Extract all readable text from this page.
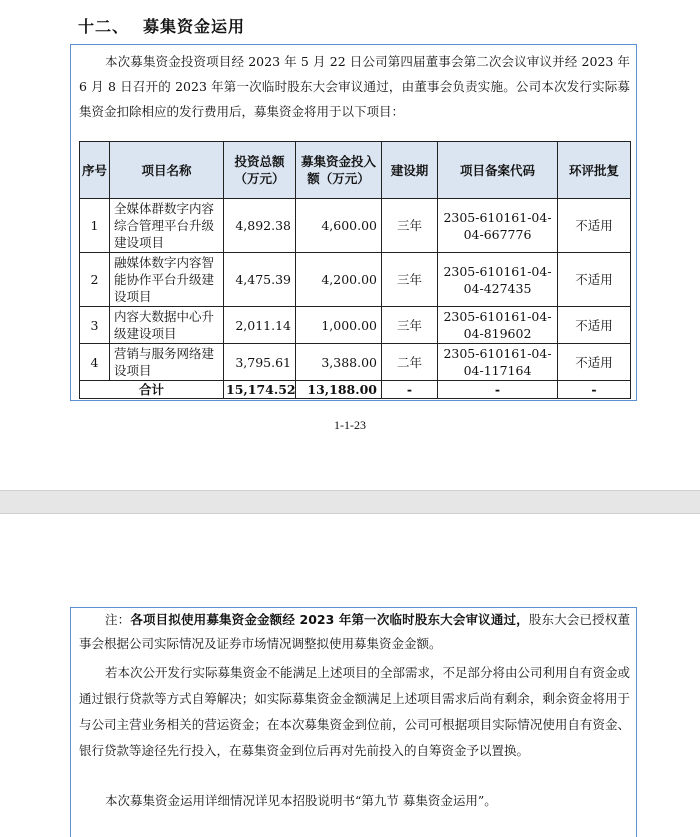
十二、 募集资金运用
本次募集资金投资项目经 2023 年 5 月 22 日公司第四届董事会第二次会议审议并经 2023 年 6 月 8 日召开的 2023 年第一次临时股东大会审议通过，由董事会负责实施。公司本次发行实际募集资金扣除相应的发行费用后，募集资金将用于以下项目：
序号	项目名称	投资总额（万元）	募集资金投入额（万元）	建设期	项目备案代码	环评批复
1	全媒体群数字内容综合管理平台升级建设项目	4,892.38	4,600.00	三年	2305-610161-04-04-667776	不适用
2	融媒体数字内容智能协作平台升级建设项目	4,475.39	4,200.00	三年	2305-610161-04-04-427435	不适用
3	内容大数据中心升级建设项目	2,011.14	1,000.00	三年	2305-610161-04-04-819602	不适用
4	营销与服务网络建设项目	3,795.61	3,388.00	二年	2305-610161-04-04-117164	不适用
合计		15,174.52	13,188.00	-	-	-
1-1-23
注：各项目拟使用募集资金金额经 2023 年第一次临时股东大会审议通过，股东大会已授权董事会根据公司实际情况及证券市场情况调整拟使用募集资金金额。
若本次公开发行实际募集资金不能满足上述项目的全部需求，不足部分将由公司利用自有资金或通过银行贷款等方式自筹解决；如实际募集资金金额满足上述项目需求后尚有剩余，剩余资金将用于与公司主营业务相关的营运资金；在本次募集资金到位前，公司可根据项目实际情况使用自有资金、银行贷款等途径先行投入，在募集资金到位后再对先前投入的自筹资金予以置换。
本次募集资金运用详细情况详见本招股说明书“第九节 募集资金运用”。
